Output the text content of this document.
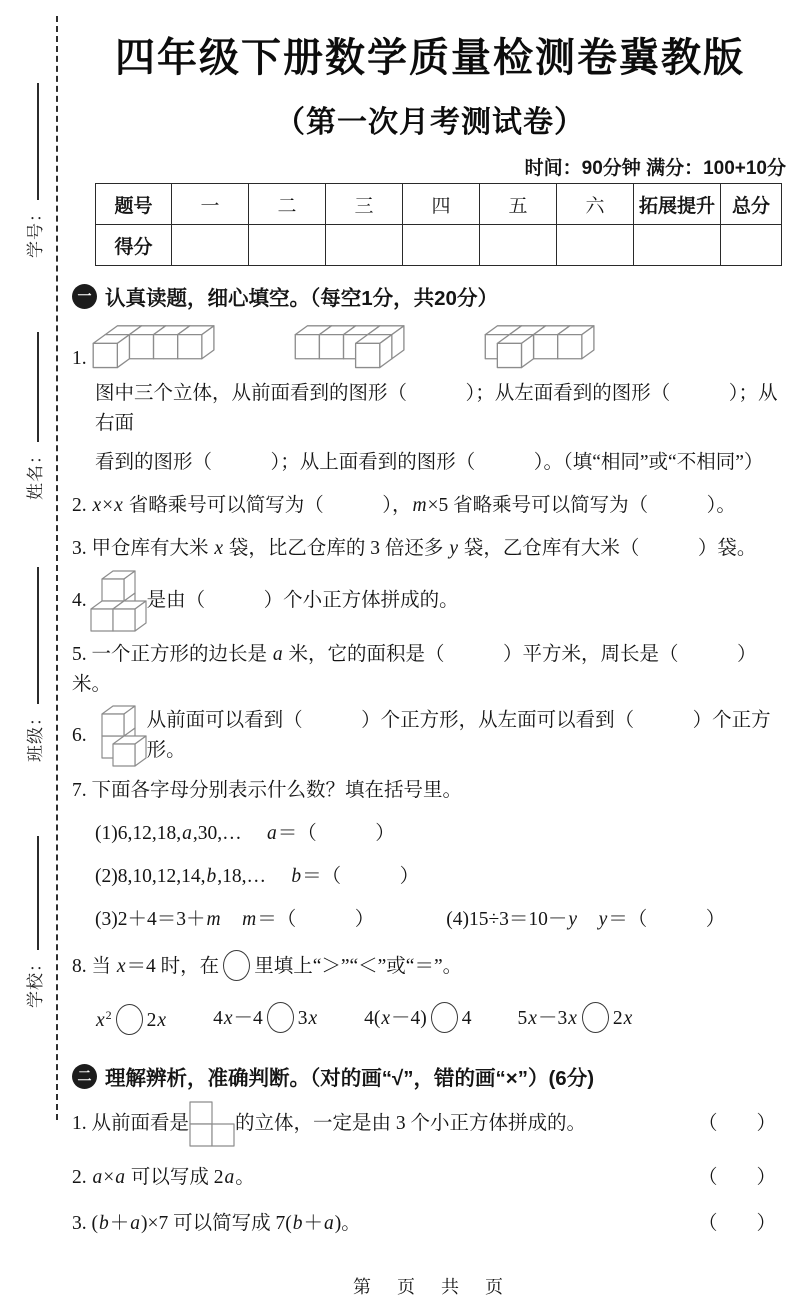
学号：
姓名：
班级：
学校：
四年级下册数学质量检测卷冀教版
（第一次月考测试卷）
时间：90分钟 满分：100+10分
题号	一	二	三	四	五	六	拓展提升	总分
得分								
一 认真读题，细心填空。（每空1分，共20分）
1.
图中三个立体，从前面看到的图形（　　　）；从左面看到的图形（　　　）；从右面
看到的图形（　　　）；从上面看到的图形（　　　）。（填“相同”或“不相同”）
2. x×x 省略乘号可以简写为（　　　），m×5 省略乘号可以简写为（　　　）。
3. 甲仓库有大米 x 袋，比乙仓库的 3 倍还多 y 袋，乙仓库有大米（　　　）袋。
4.	是由（　　　）个小正方体拼成的。
5. 一个正方形的边长是 a 米，它的面积是（　　　）平方米，周长是（　　　）米。
6.
从前面可以看到（　　　）个正方形，从左面可以看到（　　　）个正方形。
7. 下面各字母分别表示什么数？填在括号里。
(1)6,12,18,a,30,…　 a＝（　　　）
(2)8,10,12,14,b,18,…　 b＝（　　　）
(3)2＋4＝3＋m　 m＝（　　　）	(4)15÷3＝10－y　 y＝（　　　）
8. 当 x＝4 时，在 里填上“＞”“＜”或“＝”。
$x^2$ 2x 4x－4 3x 4(x－4) 4 5x－3x 2x
二 理解辨析，准确判断。（对的画“√”，错的画“×”）(6分)
1. 从前面看是 的立体，一定是由 3 个小正方体拼成的。	（　　）
2. a×a 可以写成 2a。	（　　）
3. (b＋a)×7 可以简写成 7(b＋a)。	（　　）
第　页　共　页
